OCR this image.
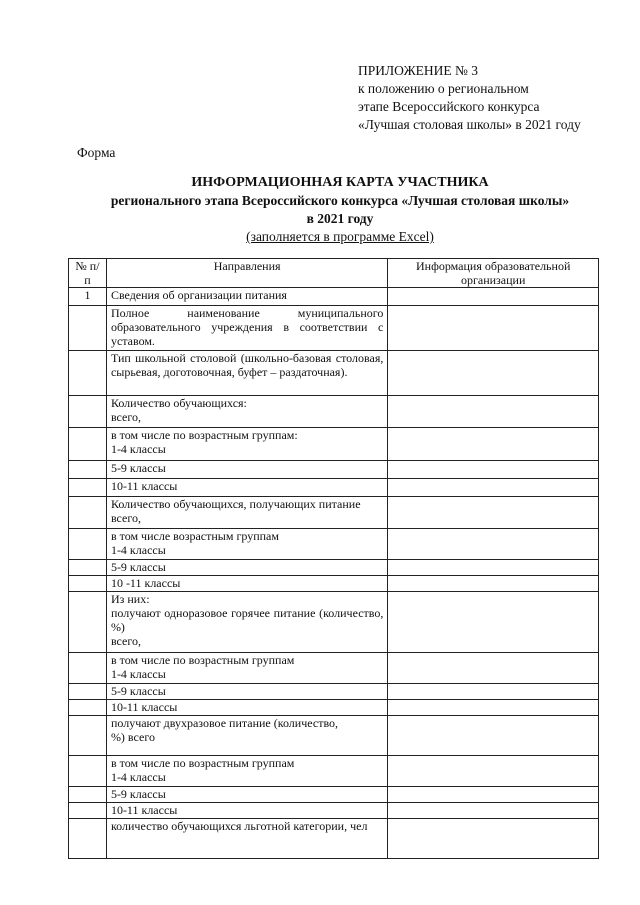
ПРИЛОЖЕНИЕ № 3
к положению о региональном
этапе Всероссийского конкурса
«Лучшая столовая школы» в 2021 году
Форма
ИНФОРМАЦИОННАЯ КАРТА УЧАСТНИКА
регионального этапа Всероссийского конкурса «Лучшая столовая школы»
в 2021 году
(заполняется в программе Excel)
№ п/п	Направления	Информация образовательной организации
1	Сведения об организации питания	

	Полное наименование муниципального образовательного учреждения в соответствии с уставом.	

	Тип школьной столовой (школьно-базовая столовая, сырьевая, доготовочная, буфет – раздаточная).	

	Количество обучающихся:
всего,	

	в том числе по возрастным группам:
1-4 классы	

	5-9 классы	

	10-11 классы	

	Количество обучающихся, получающих питание всего,	

	в том числе возрастным группам
1-4 классы	

	5-9 классы	

	10 -11 классы	

	Из них:
получают одноразовое горячее питание (количество, %)
всего,	

	в том числе по возрастным группам
1-4 классы	

	5-9 классы	

	10-11 классы	

	получают двухразовое питание (количество,
%) всего	

	в том числе по возрастным группам
1-4 классы	

	5-9 классы	

	10-11 классы	

	количество обучающихся льготной категории, чел	
